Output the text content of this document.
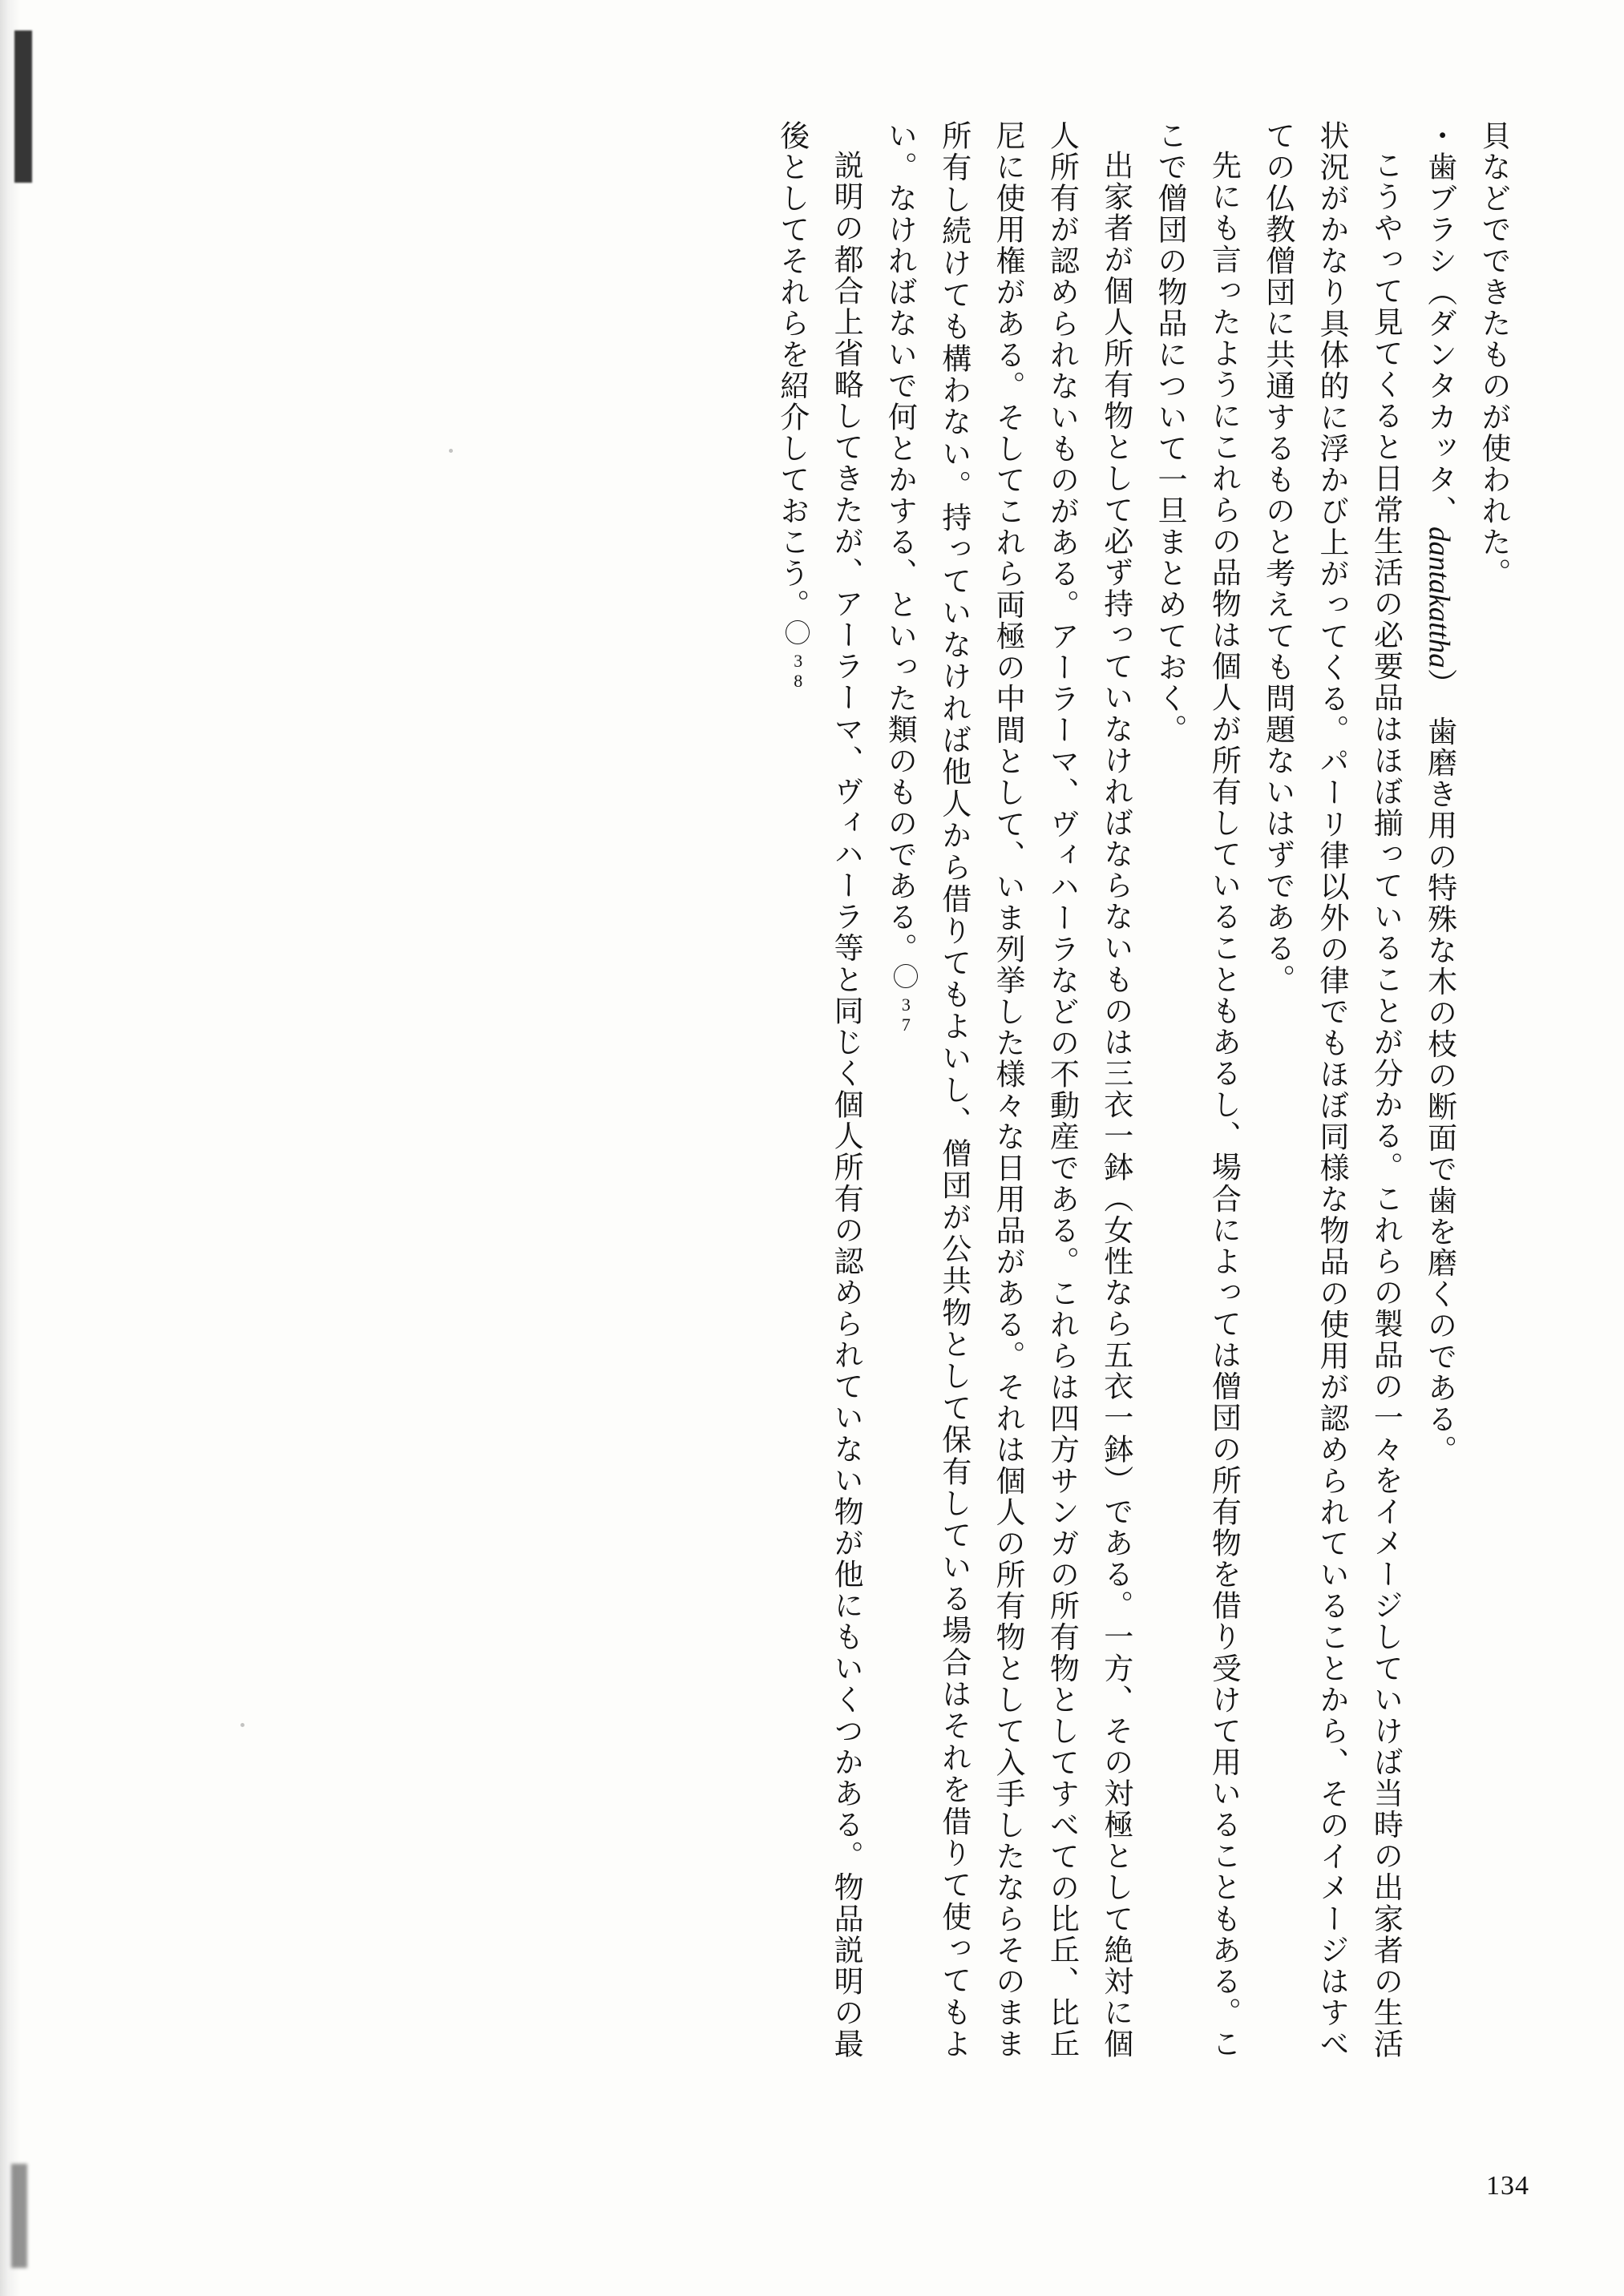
貝などでできたものが使われた。

・歯ブラシ（ダンタカッタ、dantakattha）　歯磨き用の特殊な木の枝の断面で歯を磨くのである。

こうやって見てくると日常生活の必要品はほぼ揃っていることが分かる。これらの製品の一々をイメージしていけば当時の出家者の生活状況がかなり具体的に浮かび上がってくる。パーリ律以外の律でもほぼ同様な物品の使用が認められていることから、そのイメージはすべての仏教僧団に共通するものと考えても問題ないはずである。

先にも言ったようにこれらの品物は個人が所有していることもあるし、場合によっては僧団の所有物を借り受けて用いることもある。ここで僧団の物品について一旦まとめておく。

出家者が個人所有物として必ず持っていなければならないものは三衣一鉢（女性なら五衣一鉢）である。一方、その対極として絶対に個人所有が認められないものがある。アーラーマ、ヴィハーラなどの不動産である。これらは四方サンガの所有物としてすべての比丘、比丘尼に使用権がある。そしてこれら両極の中間として、いま列挙した様々な日用品がある。それは個人の所有物として入手したならそのまま所有し続けても構わない。持っていなければ他人から借りてもよいし、僧団が公共物として保有している場合はそれを借りて使ってもよい。なければないで何とかする、といった類のものである。37

説明の都合上省略してきたが、アーラーマ、ヴィハーラ等と同じく個人所有の認められていない物が他にもいくつかある。物品説明の最後としてそれらを紹介しておこう。38

134
